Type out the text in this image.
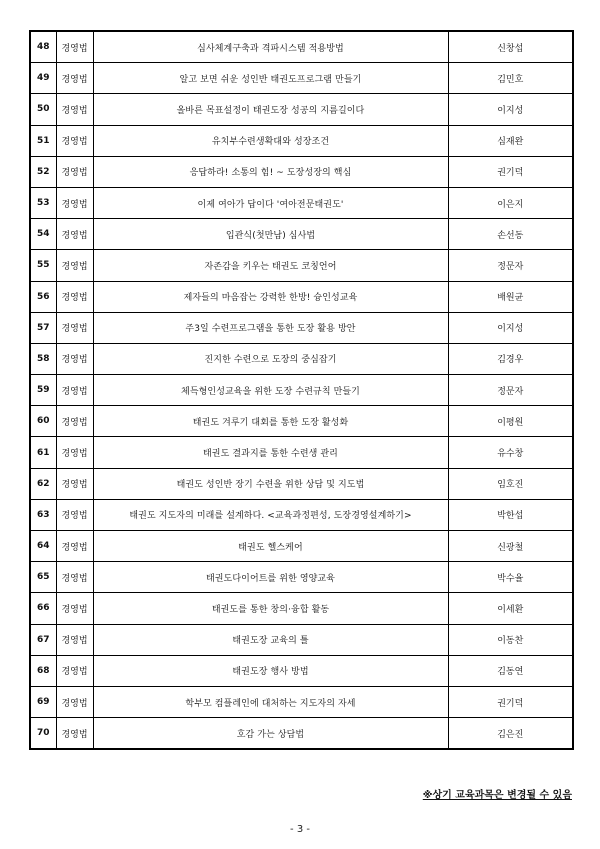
48	경영법	심사체계구축과 격파시스템 적용방법	신창섭
49	경영법	알고 보면 쉬운 성인반 태권도프로그램 만들기	김민호
50	경영법	올바른 목표설정이 태권도장 성공의 지름길이다	이지성
51	경영법	유치부수련생확대와 성장조건	심재완
52	경영법	응답하라! 소통의 힘! ~ 도장성장의 핵심	권기덕
53	경영법	이제 여아가 답이다 '여아전문태권도'	이은지
54	경영법	입관식(첫만남) 심사법	손선동
55	경영법	자존감을 키우는 태권도 코칭언어	정문자
56	경영법	제자들의 마음잡는 강력한 한방! 슝인성교육	배원균
57	경영법	주3일 수련프로그램을 통한 도장 활용 방안	이지성
58	경영법	진지한 수련으로 도장의 중심잡기	김경우
59	경영법	체득형인성교육을 위한 도장 수련규칙 만들기	정문자
60	경영법	태권도 겨루기 대회를 통한 도장 활성화	이평원
61	경영법	태권도 결과지를 통한 수련생 관리	유수창
62	경영법	태권도 성인반 장기 수련을 위한 상담 및 지도법	임호진
63	경영법	태권도 지도자의 미래를 설계하다. <교육과정편성, 도장경영설계하기>	박한섭
64	경영법	태권도 헬스케어	신광철
65	경영법	태권도다이어트를 위한 영양교육	박수율
66	경영법	태권도를 통한 창의·융합 활동	이세환
67	경영법	태권도장 교육의 틀	이동찬
68	경영법	태권도장 행사 방법	김동연
69	경영법	학부모 컴플레인에 대처하는 지도자의 자세	권기덕
70	경영법	호감 가는 상담법	김은진
※상기 교육과목은 변경될 수 있음
- 3 -
